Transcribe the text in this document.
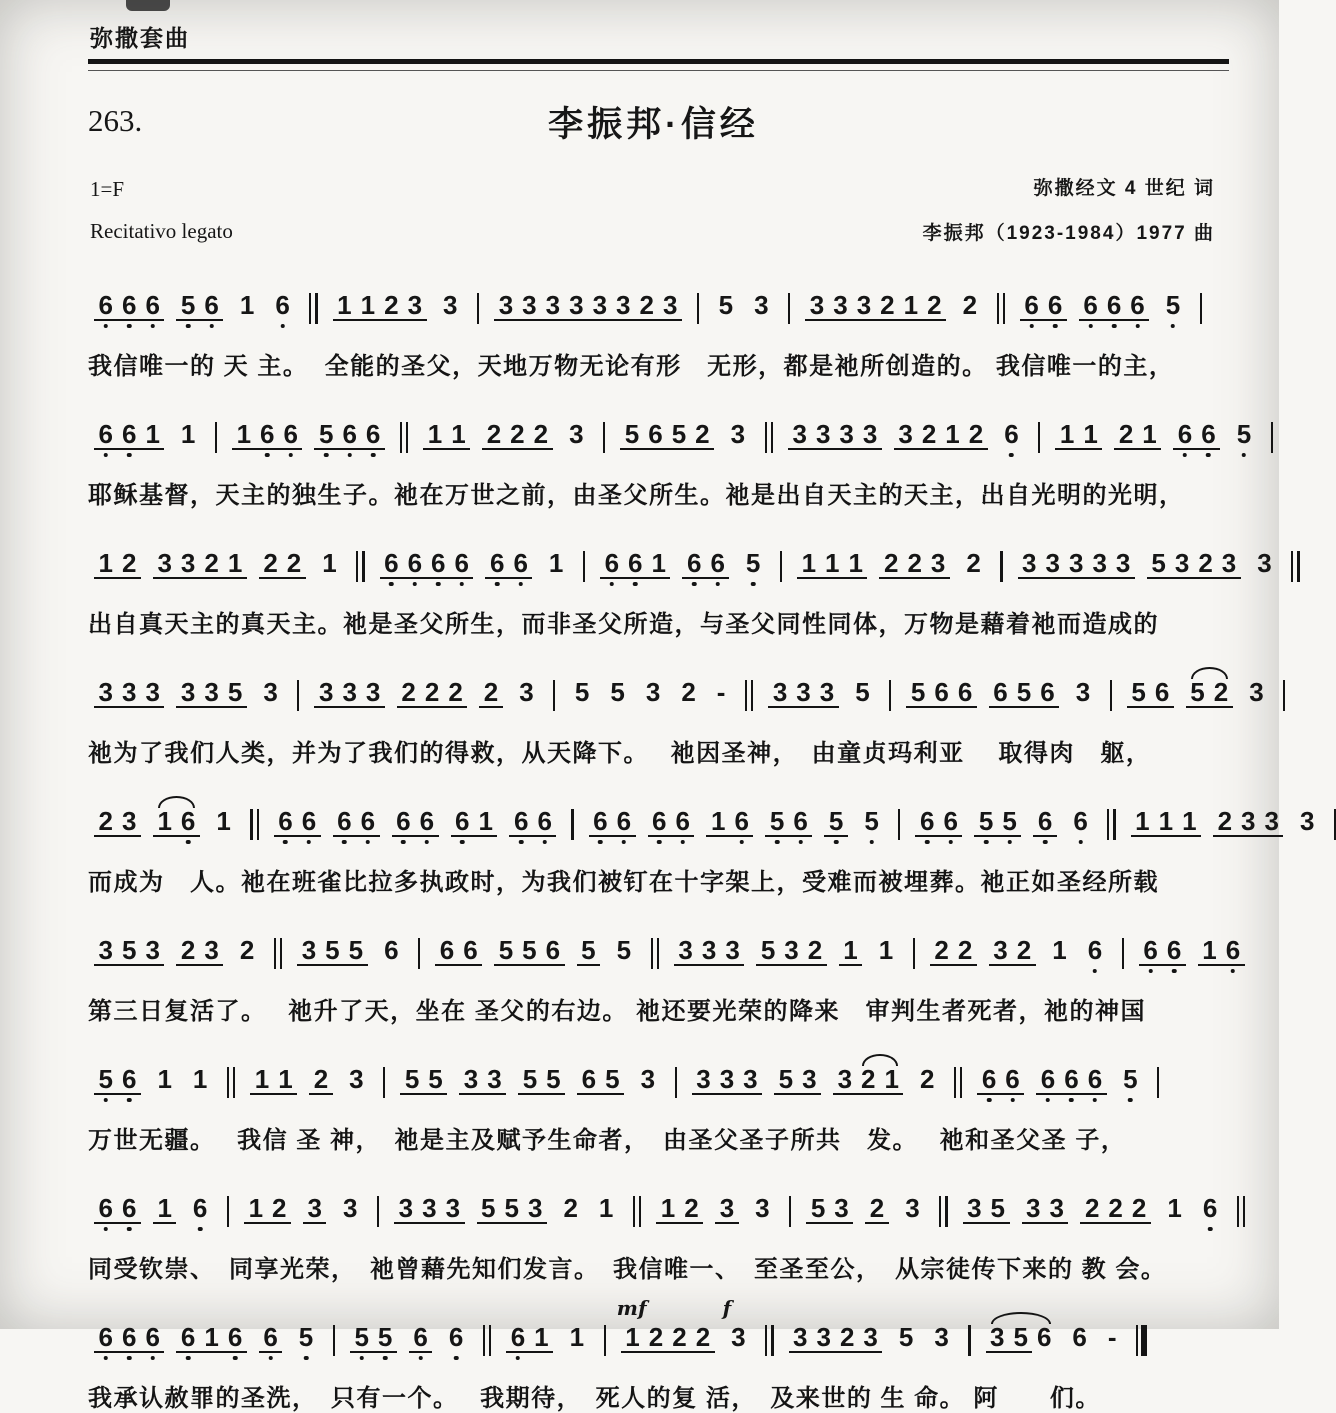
弥撒套曲
263.	李振邦·信经
1=F
Recitativo legato
弥撒经文 4 世纪 词
李振邦（1923-1984）1977 曲
6 6 6 5 6 1 6 1 1 2 3 3 3 3 3 3 3 3 2 3 5 3 3 3 3 2 1 2 2 6 6 6 6 6 5
我信唯一的 天 主。  全能的圣父，天地万物无论有形　无形，都是祂所创造的。 我信唯一的主，
6 6 1 1 1 6 6 5 6 6 1 1 2 2 2 3 5 6 5 2 3 3 3 3 3 3 2 1 2 6 1 1 2 1 6 6 5
耶稣基督，天主的独生子。祂在万世之前，由圣父所生。祂是出自天主的天主，出自光明的光明，
1 2 3 3 2 1 2 2 1 6 6 6 6 6 6 1 6 6 1 6 6 5 1 1 1 2 2 3 2 3 3 3 3 3 5 3 2 3 3
出自真天主的真天主。祂是圣父所生，而非圣父所造，与圣父同性同体，万物是藉着祂而造成的
3 3 3 3 3 5 3 3 3 3 2 2 2 2 3 5 5 3 2 - 3 3 3 5 5 6 6 6 5 6 3 5 6 5 2 3
祂为了我们人类，并为了我们的得救，从天降下。　 祂因圣神，　由童贞玛利亚　 取得肉　躯，
2 3 1 6 1 6 6 6 6 6 6 6 1 6 6 6 6 6 6 1 6 5 6 5 5 6 6 5 5 6 6 1 1 1 2 3 3 3
而成为　人。祂在班雀比拉多执政时，为我们被钉在十字架上，受难而被埋葬。祂正如圣经所载
3 5 3 2 3 2 3 5 5 6 6 6 5 5 6 5 5 3 3 3 5 3 2 1 1 2 2 3 2 1 6 6 6 1 6
第三日复活了。　 祂升了天，坐在 圣父的右边。 祂还要光荣的降来　审判生者死者，祂的神国
5 6 1 1 1 1 2 3 5 5 3 3 5 5 6 5 3 3 3 3 5 3 3 2 1 2 6 6 6 6 6 5
万世无疆。　 我信 圣 神，　祂是主及赋予生命者，　由圣父圣子所共　发。　 祂和圣父圣 子，
6 6 1 6 1 2 3 3 3 3 3 5 5 3 2 1 1 2 3 3 5 3 2 3 3 5 3 3 2 2 2 1 6
同受钦崇、　同享光荣，　祂曾藉先知们发言。　我信唯一、　至圣至公，　从宗徒传下来的 教 会。
6 6 6 6 1 6 6 5 5 5 6 6 6 1 1 mf 1 2 2 2 f 3 3 3 2 3 5 3 3 5 6 6 -
我承认赦罪的圣洗，　只有一个。　 我期待，　死人的复 活，　及来世的 生 命。 阿　　们。
